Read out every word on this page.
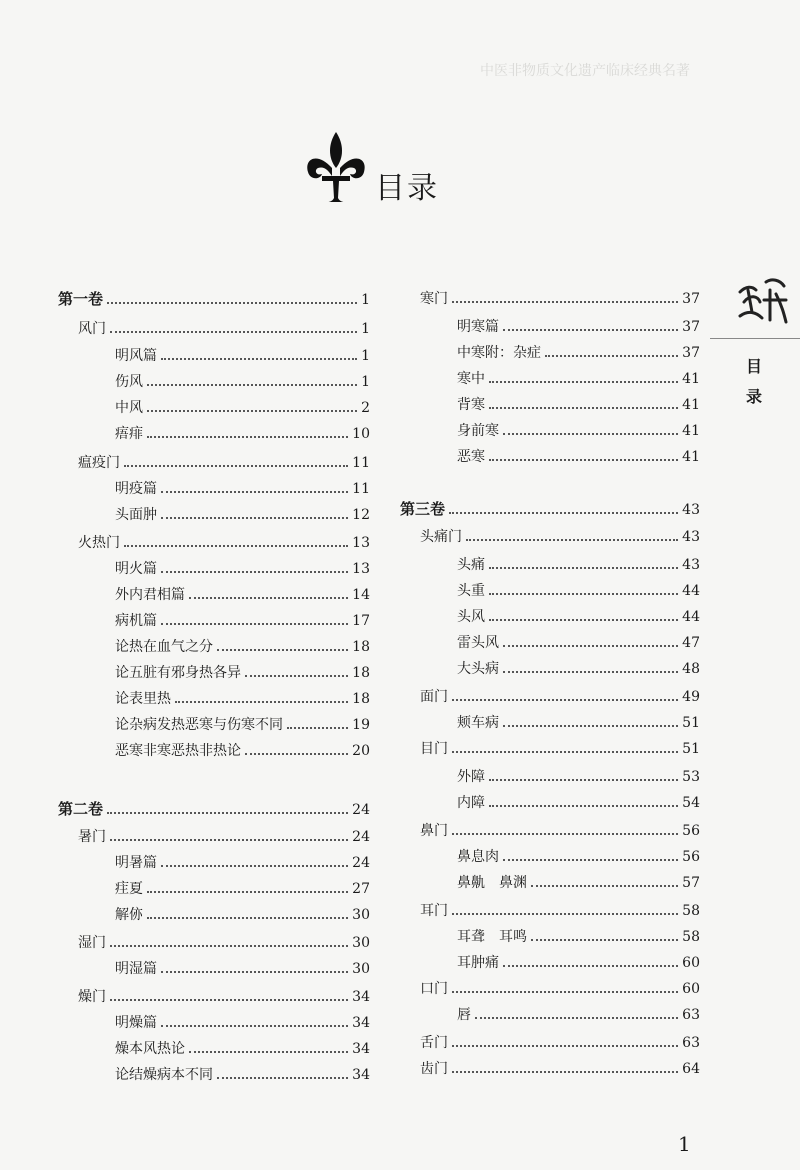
中医非物质文化遗产临床经典名著
目录
第一卷	1
风门	1
明风篇	1
伤风	1
中风	2
痦痱	10
瘟疫门	11
明疫篇	11
头面肿	12
火热门	13
明火篇	13
外内君相篇	14
病机篇	17
论热在血气之分	18
论五脏有邪身热各异	18
论表里热	18
论杂病发热恶寒与伤寒不同	19
恶寒非寒恶热非热论	20
第二卷	24
暑门	24
明暑篇	24
疰夏	27
解㑊	30
湿门	30
明湿篇	30
燥门	34
明燥篇	34
燥本风热论	34
论结燥病本不同	34
寒门	37
明寒篇	37
中寒附：杂症	37
寒中	41
背寒	41
身前寒	41
恶寒	41
第三卷	43
头痛门	43
头痛	43
头重	44
头风	44
雷头风	47
大头病	48
面门	49
颊车病	51
目门	51
外障	53
内障	54
鼻门	56
鼻息肉	56
鼻鼽　鼻渊	57
耳门	58
耳聋　耳鸣	58
耳肿痛	60
口门	60
唇	63
舌门	63
齿门	64
目
录
1
